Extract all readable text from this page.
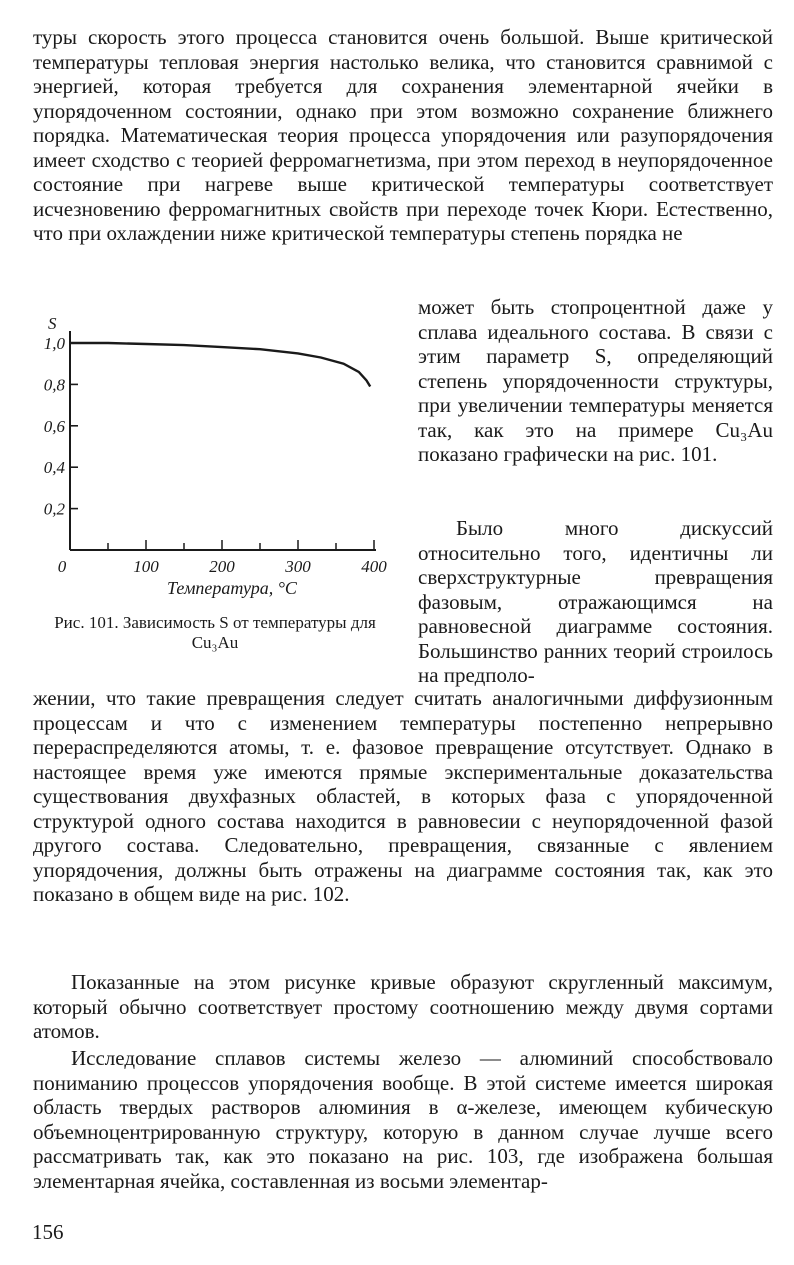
туры скорость этого процесса становится очень большой. Выше критической температуры тепловая энергия настолько велика, что становится сравнимой с энергией, которая требуется для сохранения элементарной ячейки в упорядоченном состоянии, однако при этом возможно сохранение ближнего порядка. Математическая теория процесса упорядочения или разупорядочения имеет сходство с теорией ферромагнетизма, при этом переход в неупорядоченное состояние при нагреве выше критической температуры соответствует исчезновению ферромагнитных свойств при переходе точек Кюри. Естественно, что при охлаждении ниже критической температуры степень порядка не

может быть стопроцентной даже у сплава идеального состава. В связи с этим параметр S, определяющий степень упорядоченности структуры, при увеличении температуры меняется так, как это на примере Cu₃Au показано графически на рис. 101.

0,2
0,4
0,6
0,8
1,0
S
0	100	200	300	400
Температура, °С
Рис. 101. Зависимость S от температуры для Cu₃Au

Было много дискуссий относительно того, идентичны ли сверхструктурные превращения фазовым, отражающимся на равновесной диаграмме состояния. Большинство ранних теорий строилось на предполо-

жении, что такие превращения следует считать аналогичными диффузионным процессам и что с изменением температуры постепенно непрерывно перераспределяются атомы, т. е. фазовое превращение отсутствует. Однако в настоящее время уже имеются прямые экспериментальные доказательства существования двухфазных областей, в которых фаза с упорядоченной структурой одного состава находится в равновесии с неупорядоченной фазой другого состава. Следовательно, превращения, связанные с явлением упорядочения, должны быть отражены на диаграмме состояния так, как это показано в общем виде на рис. 102.

Показанные на этом рисунке кривые образуют скругленный максимум, который обычно соответствует простому соотношению между двумя сортами атомов.

Исследование сплавов системы железо — алюминий способствовало пониманию процессов упорядочения вообще. В этой системе имеется широкая область твердых растворов алюминия в α-железе, имеющем кубическую объемноцентрированную структуру, которую в данном случае лучше всего рассматривать так, как это показано на рис. 103, где изображена большая элементарная ячейка, составленная из восьми элементар-

156
